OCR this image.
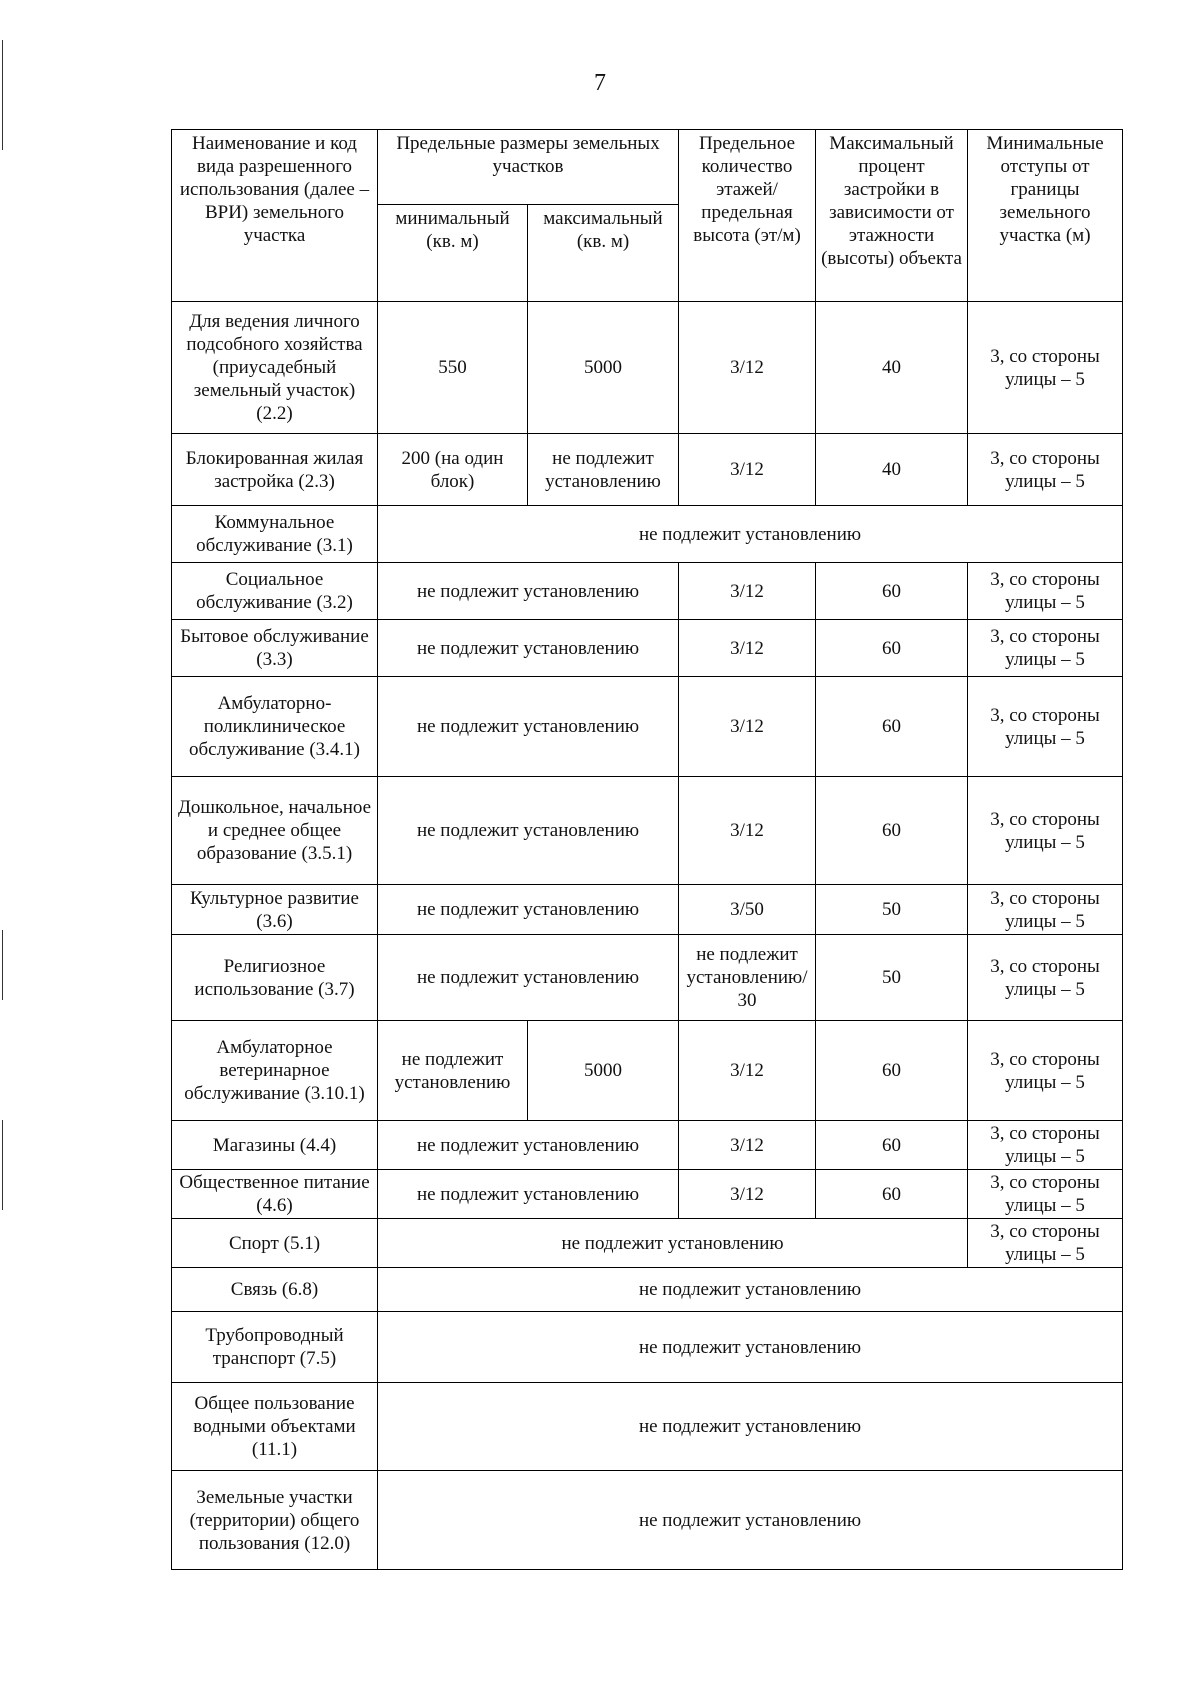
7
Наименование и код вида разрешенного использования (далее – ВРИ) земельного участка	Предельные размеры земельных участков		Предельное количество этажей/ предельная высота (эт/м)	Максимальный процент застройки в зависимости от этажности (высоты) объекта	Минимальные отступы от границы земельного участка (м)
	минимальный (кв. м)	максимальный (кв. м)			
Для ведения личного подсобного хозяйства (приусадебный земельный участок) (2.2)	550	5000	3/12	40	3, со стороны улицы – 5
Блокированная жилая застройка (2.3)	200 (на один блок)	не подлежит установлению	3/12	40	3, со стороны улицы – 5
Коммунальное обслуживание (3.1)	не подлежит установлению				
Социальное обслуживание (3.2)	не подлежит установлению		3/12	60	3, со стороны улицы – 5
Бытовое обслуживание (3.3)	не подлежит установлению		3/12	60	3, со стороны улицы – 5
Амбулаторно-поликлиническое обслуживание (3.4.1)	не подлежит установлению		3/12	60	3, со стороны улицы – 5
Дошкольное, начальное и среднее общее образование (3.5.1)	не подлежит установлению		3/12	60	3, со стороны улицы – 5
Культурное развитие (3.6)	не подлежит установлению		3/50	50	3, со стороны улицы – 5
Религиозное использование (3.7)	не подлежит установлению		не подлежит установлению/ 30	50	3, со стороны улицы – 5
Амбулаторное ветеринарное обслуживание (3.10.1)	не подлежит установлению	5000	3/12	60	3, со стороны улицы – 5
Магазины (4.4)	не подлежит установлению		3/12	60	3, со стороны улицы – 5
Общественное питание (4.6)	не подлежит установлению		3/12	60	3, со стороны улицы – 5
Спорт (5.1)	не подлежит установлению				3, со стороны улицы – 5
Связь (6.8)	не подлежит установлению				
Трубопроводный транспорт (7.5)	не подлежит установлению				
Общее пользование водными объектами (11.1)	не подлежит установлению				
Земельные участки (территории) общего пользования (12.0)	не подлежит установлению				
